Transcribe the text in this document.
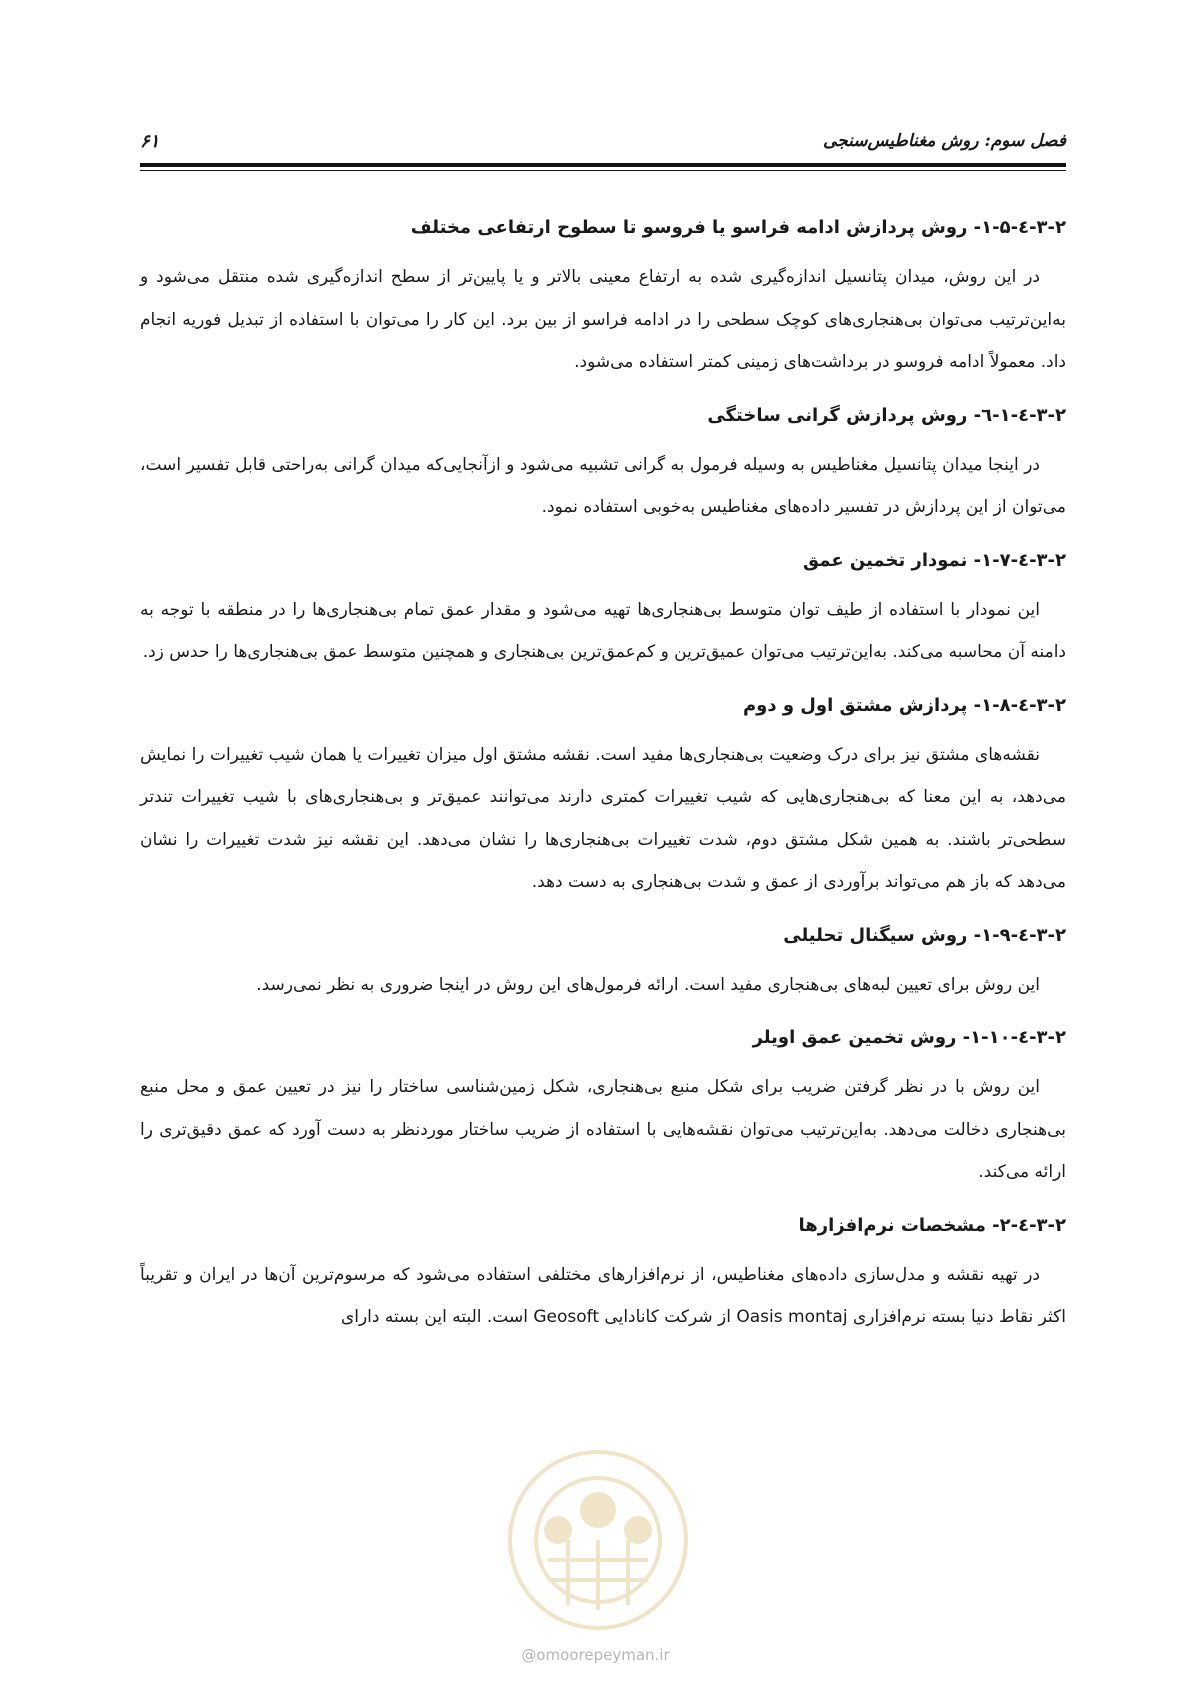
فصل سوم: روش مغناطیس‌سنجی
۶۱
۳-۲-٤-۱-۵- روش پردازش ادامه فراسو یا فروسو تا سطوح ارتفاعی مختلف

در این روش، میدان پتانسیل اندازه‌گیری شده به ارتفاع معینی بالاتر و یا پایین‌تر از سطح اندازه‌گیری شده منتقل می‌شود و به‌این‌ترتیب می‌توان بی‌هنجاری‌های کوچک سطحی را در ادامه فراسو از بین برد. این کار را می‌توان با استفاده از تبدیل فوریه انجام داد. معمولاً ادامه فروسو در برداشت‌های زمینی کمتر استفاده می‌شود.

۳-۲-٤-۱-٦- روش پردازش گرانی ساختگی

در اینجا میدان پتانسیل مغناطیس به وسیله فرمول به گرانی تشبیه می‌شود و ازآنجایی‌که میدان گرانی به‌راحتی قابل تفسیر است، می‌توان از این پردازش در تفسیر داده‌های مغناطیس به‌خوبی استفاده نمود.

۳-۲-٤-۱-۷- نمودار تخمین عمق

این نمودار با استفاده از طیف توان متوسط بی‌هنجاری‌ها تهیه می‌شود و مقدار عمق تمام بی‌هنجاری‌ها را در منطقه با توجه به دامنه آن محاسبه می‌کند. به‌این‌ترتیب می‌توان عمیق‌ترین و کم‌عمق‌ترین بی‌هنجاری و همچنین متوسط عمق بی‌هنجاری‌ها را حدس زد.

۳-۲-٤-۱-۸- پردازش مشتق اول و دوم

نقشه‌های مشتق نیز برای درک وضعیت بی‌هنجاری‌ها مفید است. نقشه مشتق اول میزان تغییرات یا همان شیب تغییرات را نمایش می‌دهد، به این معنا که بی‌هنجاری‌هایی که شیب تغییرات کمتری دارند می‌توانند عمیق‌تر و بی‌هنجاری‌های با شیب تغییرات تندتر سطحی‌تر باشند. به همین شکل مشتق دوم، شدت تغییرات بی‌هنجاری‌ها را نشان می‌دهد. این نقشه نیز شدت تغییرات را نشان می‌دهد که باز هم می‌تواند برآوردی از عمق و شدت بی‌هنجاری به دست دهد.

۳-۲-٤-۱-۹- روش سیگنال تحلیلی

این روش برای تعیین لبه‌های بی‌هنجاری مفید است. ارائه فرمول‌های این روش در اینجا ضروری به نظر نمی‌رسد.

۳-۲-٤-۱-۱۰- روش تخمین عمق اویلر

این روش با در نظر گرفتن ضریب برای شکل منبع بی‌هنجاری، شکل زمین‌شناسی ساختار را نیز در تعیین عمق و محل منبع بی‌هنجاری دخالت می‌دهد. به‌این‌ترتیب می‌توان نقشه‌هایی با استفاده از ضریب ساختار موردنظر به دست آورد که عمق دقیق‌تری را ارائه می‌کند.

۳-۲-٤-۲- مشخصات نرم‌افزارها

در تهیه نقشه و مدل‌سازی داده‌های مغناطیس، از نرم‌افزارهای مختلفی استفاده می‌شود که مرسوم‌ترین آن‌ها در ایران و تقریباً اکثر نقاط دنیا بسته نرم‌افزاری Oasis montaj از شرکت کانادایی Geosoft است. البته این بسته دارای

@omoorepeyman.ir
